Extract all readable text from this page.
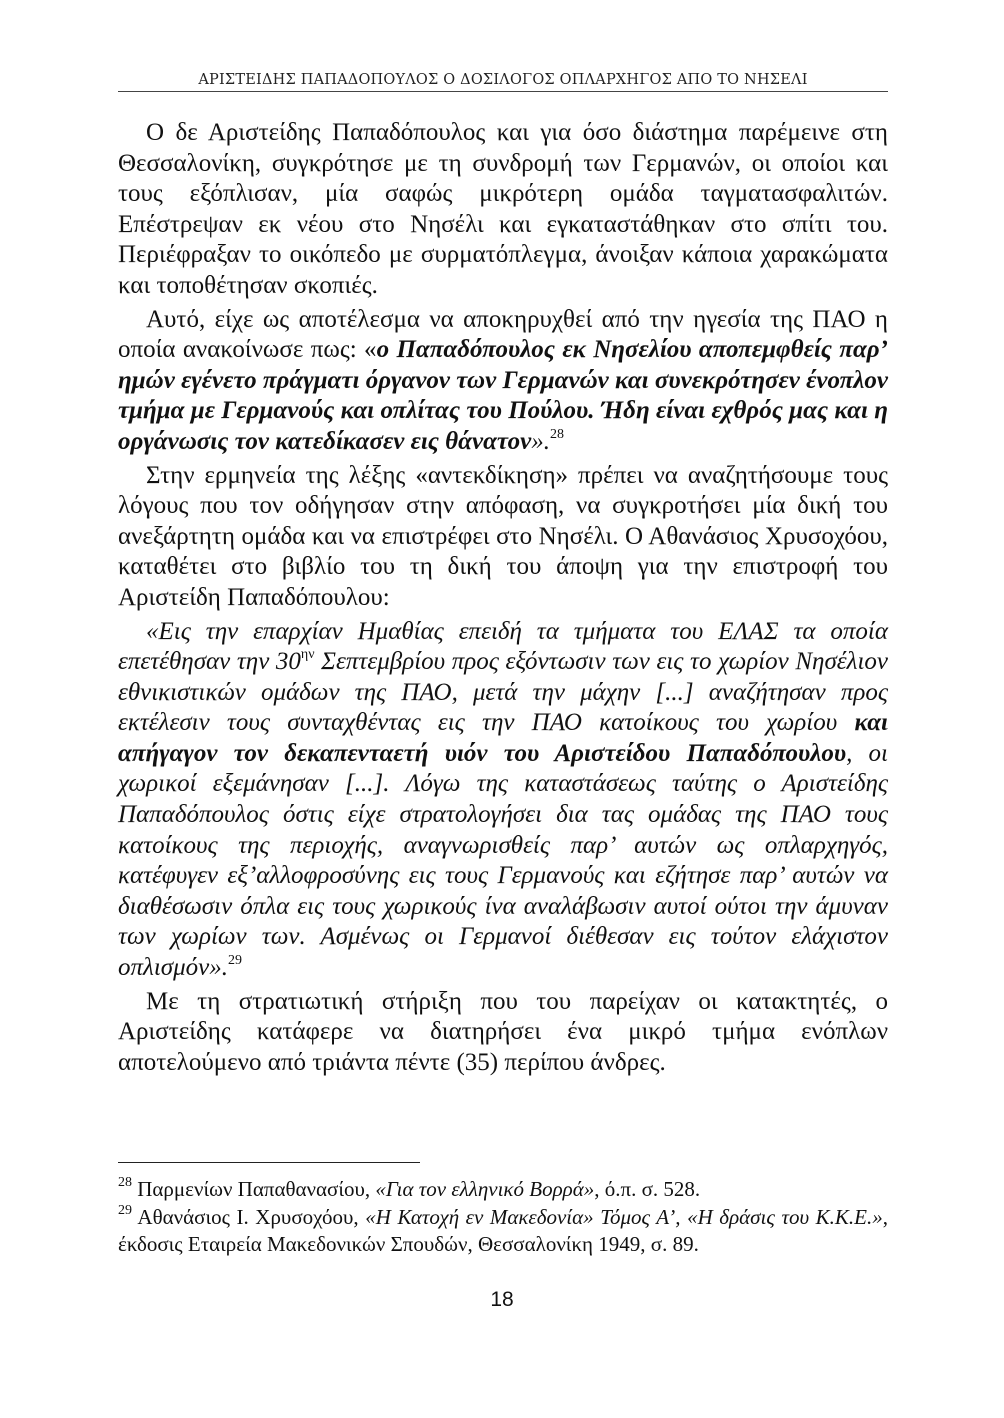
ΑΡΙΣΤΕΙΔΗΣ ΠΑΠΑΔΟΠΟΥΛΟΣ Ο ΔΟΣΙΛΟΓΟΣ ΟΠΛΑΡΧΗΓΟΣ ΑΠΟ ΤΟ ΝΗΣΕΛΙ

Ο δε Αριστείδης Παπαδόπουλος και για όσο διάστημα παρέμεινε στη Θεσσαλονίκη, συγκρότησε με τη συνδρομή των Γερμανών, οι οποίοι και τους εξόπλισαν, μία σαφώς μικρότερη ομάδα ταγματασφαλιτών. Επέστρεψαν εκ νέου στο Νησέλι και εγκαταστάθηκαν στο σπίτι του. Περιέφραξαν το οικόπεδο με συρματόπλεγμα, άνοιξαν κάποια χαρακώματα και τοποθέτησαν σκοπιές.

Αυτό, είχε ως αποτέλεσμα να αποκηρυχθεί από την ηγεσία της ΠΑΟ η οποία ανακοίνωσε πως: «ο Παπαδόπουλος εκ Νησελίου αποπεμφθείς παρ’ ημών εγένετο πράγματι όργανον των Γερμανών και συνεκρότησεν ένοπλον τμήμα με Γερμανούς και οπλίτας του Πούλου. Ήδη είναι εχθρός μας και η οργάνωσις τον κατεδίκασεν εις θάνατον».$^{28}$

Στην ερμηνεία της λέξης «αντεκδίκηση» πρέπει να αναζητήσουμε τους λόγους που τον οδήγησαν στην απόφαση, να συγκροτήσει μία δική του ανεξάρτητη ομάδα και να επιστρέφει στο Νησέλι. Ο Αθανάσιος Χρυσοχόου, καταθέτει στο βιβλίο του τη δική του άποψη για την επιστροφή του Αριστείδη Παπαδόπουλου:

«Εις την επαρχίαν Ημαθίας επειδή τα τμήματα του ΕΛΑΣ τα οποία επετέθησαν την $30^{\eta\nu}$ Σεπτεμβρίου προς εξόντωσιν των εις το χωρίον Νησέλιον εθνικιστικών ομάδων της ΠΑΟ, μετά την μάχην [...] αναζήτησαν προς εκτέλεσιν τους συνταχθέντας εις την ΠΑΟ κατοίκους του χωρίου και απήγαγον τον δεκαπενταετή υιόν του Αριστείδου Παπαδόπουλου, οι χωρικοί εξεμάνησαν [...]. Λόγω της καταστάσεως ταύτης ο Αριστείδης Παπαδόπουλος όστις είχε στρατολογήσει δια τας ομάδας της ΠΑΟ τους κατοίκους της περιοχής, αναγνωρισθείς παρ’ αυτών ως οπλαρχηγός, κατέφυγεν εξ’αλλοφροσύνης εις τους Γερμανούς και εζήτησε παρ’ αυτών να διαθέσωσιν όπλα εις τους χωρικούς ίνα αναλάβωσιν αυτοί ούτοι την άμυναν των χωρίων των. Ασμένως οι Γερμανοί διέθεσαν εις τούτον ελάχιστον οπλισμόν».$^{29}$

Με τη στρατιωτική στήριξη που του παρείχαν οι κατακτητές, ο Αριστείδης κατάφερε να διατηρήσει ένα μικρό τμήμα ενόπλων αποτελούμενο από τριάντα πέντε (35) περίπου άνδρες.

$^{28}$ Παρμενίων Παπαθανασίου, «Για τον ελληνικό Βορρά», ό.π. σ. 528.

$^{29}$ Αθανάσιος Ι. Χρυσοχόου, «Η Κατοχή εν Μακεδονία» Τόμος Α’, «Η δράσις του Κ.Κ.Ε.», έκδοσις Εταιρεία Μακεδονικών Σπουδών, Θεσσαλονίκη 1949, σ. 89.

18
